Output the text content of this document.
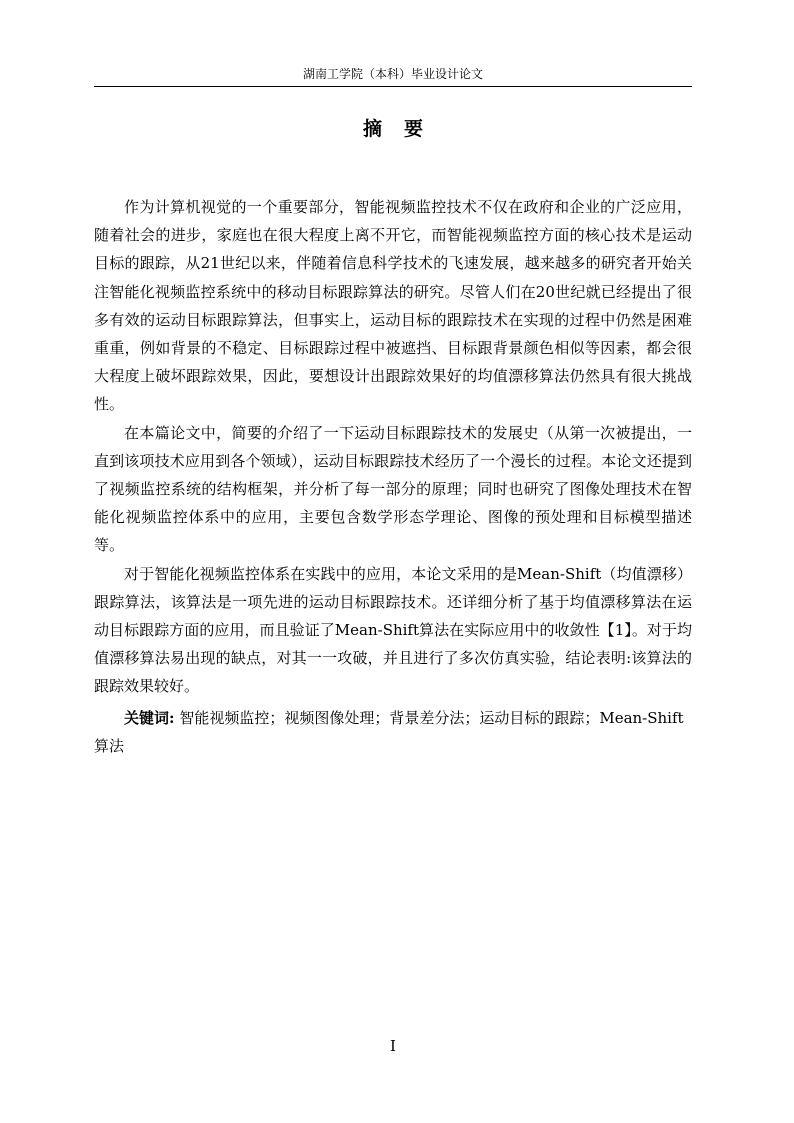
湖南工学院（本科）毕业设计论文
摘要

作为计算机视觉的一个重要部分，智能视频监控技术不仅在政府和企业的广泛应用，随着社会的进步，家庭也在很大程度上离不开它，而智能视频监控方面的核心技术是运动目标的跟踪，从21世纪以来，伴随着信息科学技术的飞速发展，越来越多的研究者开始关注智能化视频监控系统中的移动目标跟踪算法的研究。尽管人们在20世纪就已经提出了很多有效的运动目标跟踪算法，但事实上，运动目标的跟踪技术在实现的过程中仍然是困难重重，例如背景的不稳定、目标跟踪过程中被遮挡、目标跟背景颜色相似等因素，都会很大程度上破坏跟踪效果，因此，要想设计出跟踪效果好的均值漂移算法仍然具有很大挑战性。

在本篇论文中，简要的介绍了一下运动目标跟踪技术的发展史（从第一次被提出，一直到该项技术应用到各个领域），运动目标跟踪技术经历了一个漫长的过程。本论文还提到了视频监控系统的结构框架，并分析了每一部分的原理；同时也研究了图像处理技术在智能化视频监控体系中的应用，主要包含数学形态学理论、图像的预处理和目标模型描述等。

对于智能化视频监控体系在实践中的应用，本论文采用的是Mean-Shift（均值漂移）跟踪算法，该算法是一项先进的运动目标跟踪技术。还详细分析了基于均值漂移算法在运动目标跟踪方面的应用，而且验证了Mean-Shift算法在实际应用中的收敛性【1】。对于均值漂移算法易出现的缺点，对其一一攻破，并且进行了多次仿真实验，结论表明:该算法的跟踪效果较好。

关键词: 智能视频监控；视频图像处理；背景差分法；运动目标的跟踪；Mean-Shift算法
I
